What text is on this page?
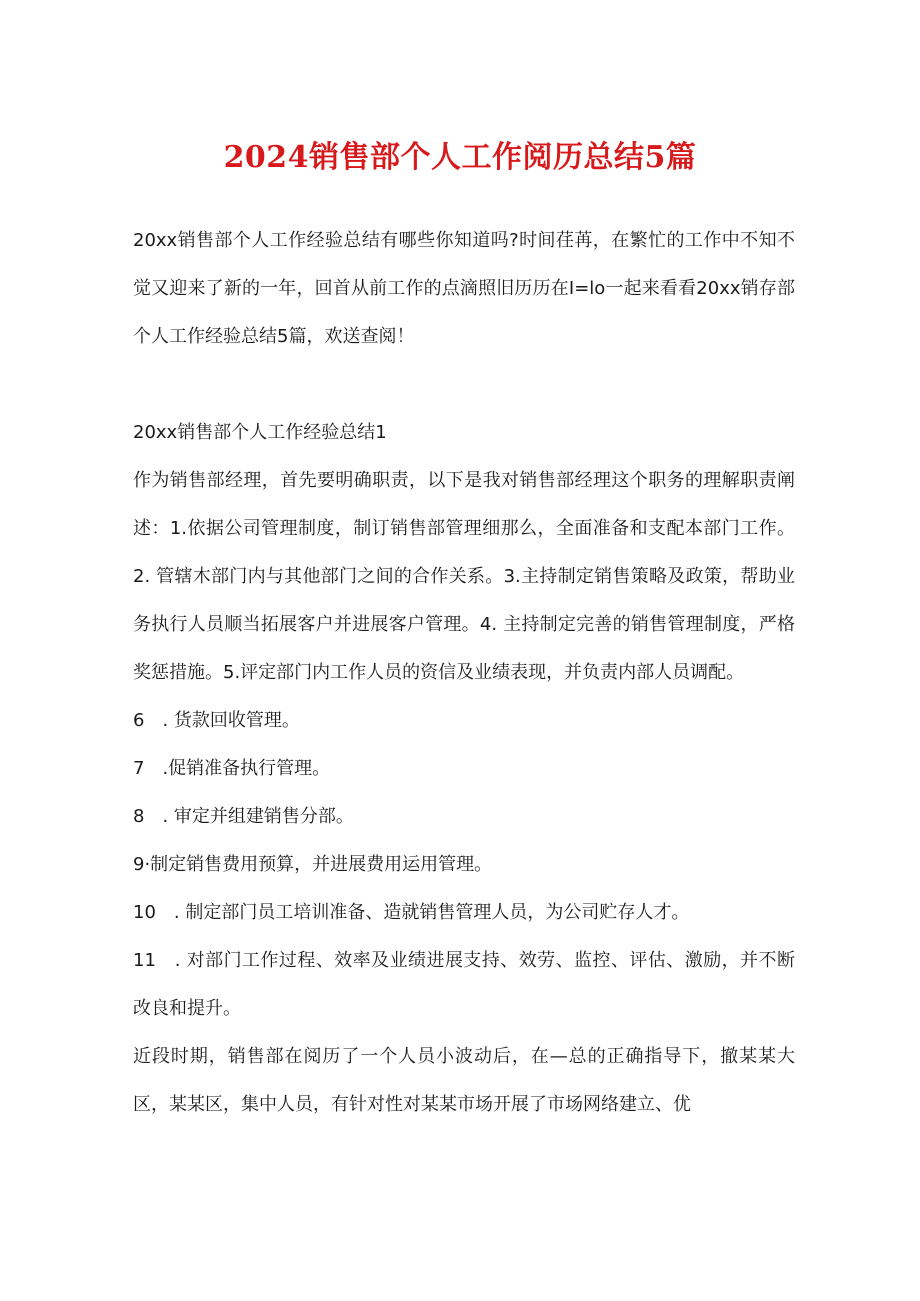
2024销售部个人工作阅历总结5篇

20xx销售部个人工作经验总结有哪些你知道吗?时间荏苒，在繁忙的工作中不知不觉又迎来了新的一年，回首从前工作的点滴照旧历历在I=lo一起来看看20xx销存部个人工作经验总结5篇，欢送查阅！

20xx销售部个人工作经验总结1

作为销售部经理，首先要明确职责，以下是我对销售部经理这个职务的理解职责阐述：1.依据公司管理制度，制订销售部管理细那么，全面准备和支配本部门工作。2. 管辖木部门内与其他部门之间的合作关系。3.主持制定销售策略及政策，帮助业务执行人员顺当拓展客户并进展客户管理。4. 主持制定完善的销售管理制度，严格奖惩措施。5.评定部门内工作人员的资信及业绩表现，并负责内部人员调配。

6　. 货款回收管理。

7　.促销准备执行管理。

8　. 审定并组建销售分部。

9·制定销售费用预算，并进展费用运用管理。

10　. 制定部门员工培训准备、造就销售管理人员，为公司贮存人才。

11　. 对部门工作过程、效率及业绩进展支持、效劳、监控、评估、激励，并不断改良和提升。

近段时期，销售部在阅历了一个人员小波动后，在—总的正确指导下，撤某某大区，某某区，集中人员，有针对性对某某市场开展了市场网络建立、优
